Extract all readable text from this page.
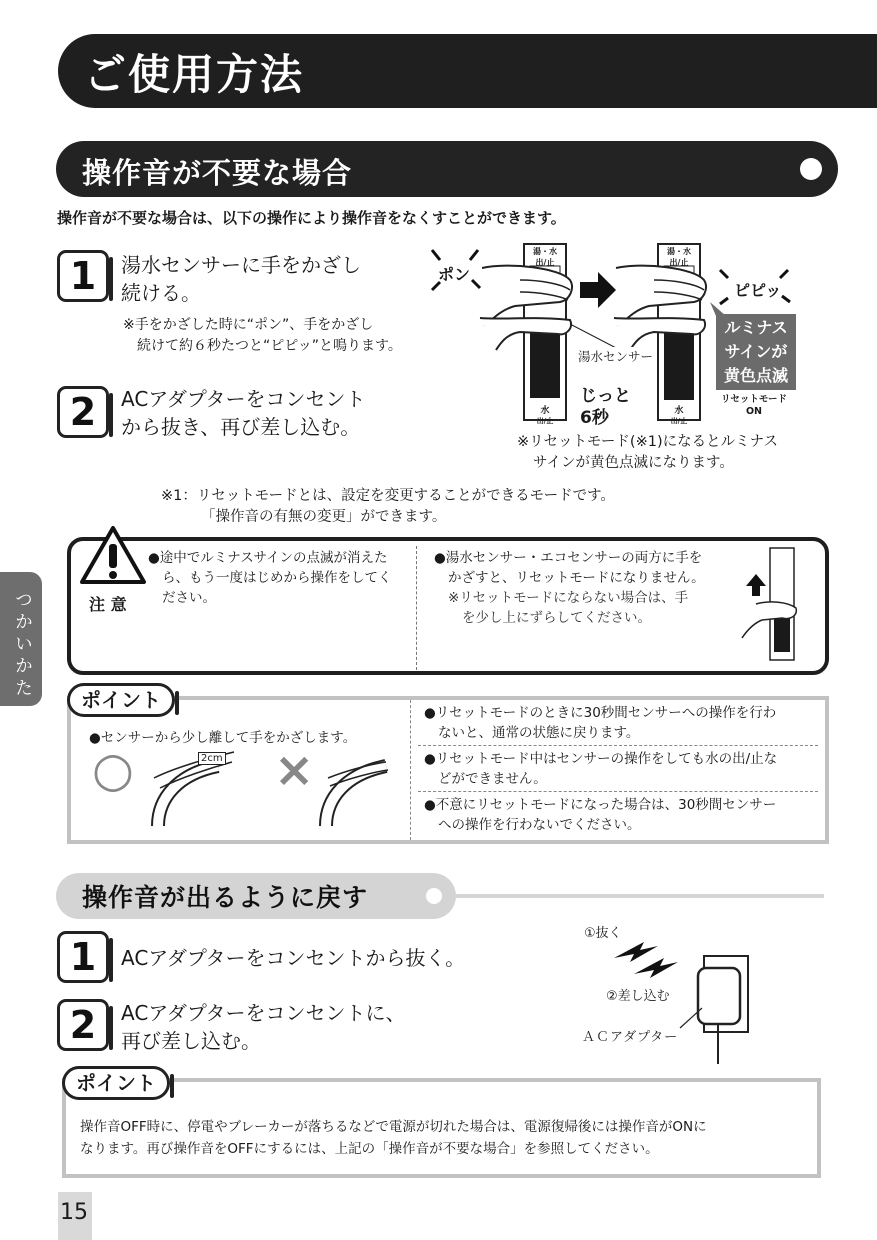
ご使用方法
操作音が不要な場合
操作音が不要な場合は、以下の操作により操作音をなくすことができます。
1	湯水センサーに手をかざし
続ける。
※手をかざした時に“ポン”、手をかざし
続けて約６秒たつと“ピピッ”と鳴ります。
2	ACアダプターをコンセント
から抜き、再び差し込む。
ポン
ピピッ
湯・水
出/止
湯・水
出/止
水
出/止
水
出/止
湯水センサー
じっと
6秒
ルミナス
サインが
黄色点滅
リセットモード
ON
※リセットモード(※1)になるとルミナス
サインが黄色点滅になります。
※1：リセットモードとは、設定を変更することができるモードです。
「操作音の有無の変更」ができます。
注 意
●途中でルミナスサインの点滅が消えた
ら、もう一度はじめから操作をしてく
ださい。
●湯水センサー・エコセンサーの両方に手を
かざすと、リセットモードになりません。
※リセットモードにならない場合は、手
を少し上にずらしてください。
ポイント
●センサーから少し離して手をかざします。
○	×
2cm
●リセットモードのときに30秒間センサーへの操作を行わ
ないと、通常の状態に戻ります。
●リセットモード中はセンサーの操作をしても水の出/止な
どができません。
●不意にリセットモードになった場合は、30秒間センサー
への操作を行わないでください。
操作音が出るように戻す
1	ACアダプターをコンセントから抜く。
2	ACアダプターをコンセントに、
再び差し込む。
①抜く
②差し込む
ＡＣアダプター
ポイント
操作音OFF時に、停電やブレーカーが落ちるなどで電源が切れた場合は、電源復帰後には操作音がONに
なります。再び操作音をOFFにするには、上記の「操作音が不要な場合」を参照してください。
つかいかた
15
